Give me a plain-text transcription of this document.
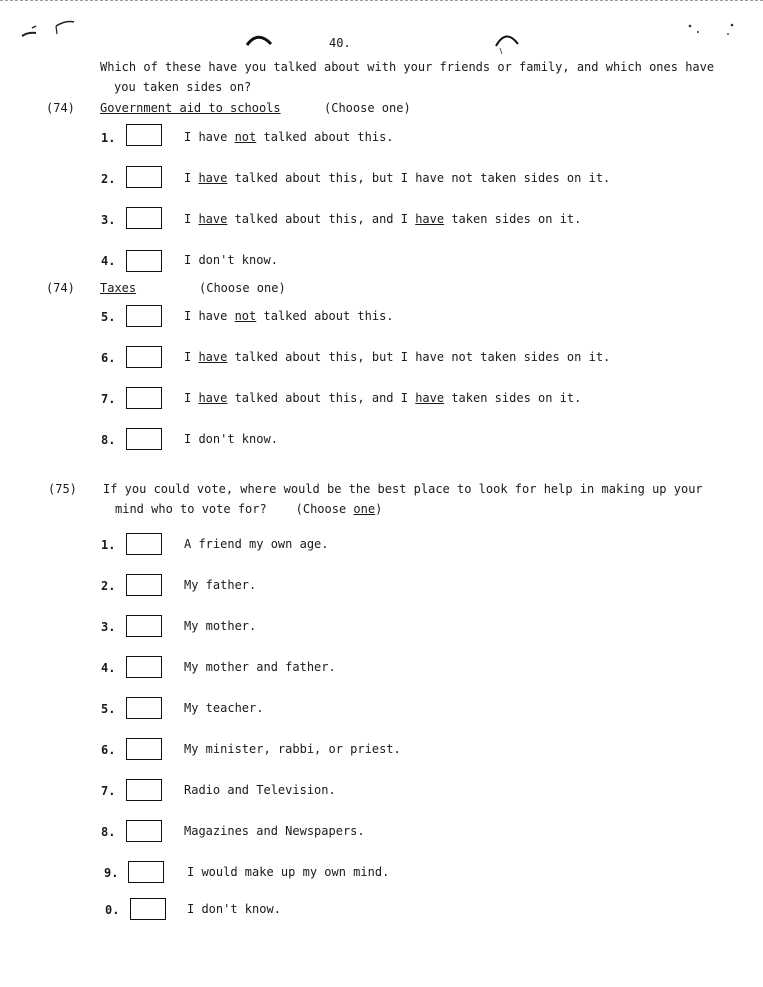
40.
Which of these have you talked about with your friends or family, and which ones have
you taken sides on?
(74) Government aid to schools	(Choose one)
1.	I have not talked about this.
2.	I have talked about this, but I have not taken sides on it.
3.	I have talked about this, and I have taken sides on it.
4.	I don't know.
(74) Taxes	(Choose one)
5.	I have not talked about this.
6.	I have talked about this, but I have not taken sides on it.
7.	I have talked about this, and I have taken sides on it.
8.	I don't know.
(75) If you could vote, where would be the best place to look for help in making up your
mind who to vote for?    (Choose one)
1.	A friend my own age.
2.	My father.
3.	My mother.
4.	My mother and father.
5.	My teacher.
6.	My minister, rabbi, or priest.
7.	Radio and Television.
8.	Magazines and Newspapers.
9.	I would make up my own mind.
0.	I don't know.
